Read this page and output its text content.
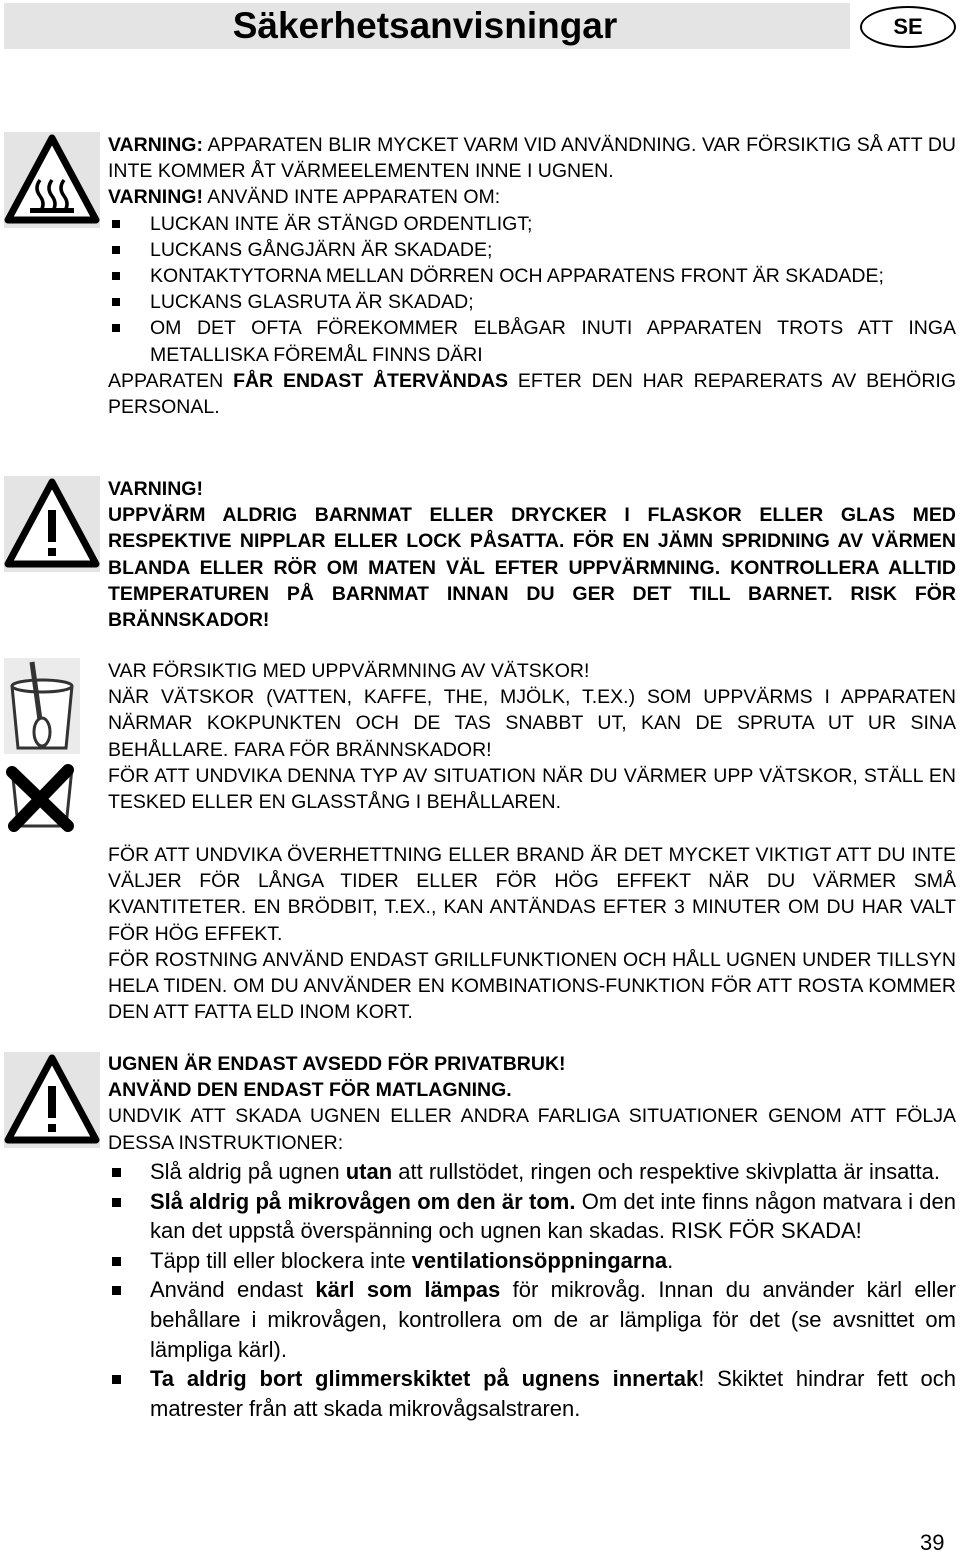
Säkerhetsanvisningar	SE

VARNING: APPARATEN BLIR MYCKET VARM VID ANVÄNDNING. VAR FÖRSIKTIG SÅ ATT DU INTE KOMMER ÅT VÄRMEELEMENTEN INNE I UGNEN.

VARNING! ANVÄND INTE APPARATEN OM:

LUCKAN INTE ÄR STÄNGD ORDENTLIGT;
LUCKANS GÅNGJÄRN ÄR SKADADE;
KONTAKTYTORNA MELLAN DÖRREN OCH APPARATENS FRONT ÄR SKADADE;
LUCKANS GLASRUTA ÄR SKADAD;
OM DET OFTA FÖREKOMMER ELBÅGAR INUTI APPARATEN TROTS ATT INGA METALLISKA FÖREMÅL FINNS DÄRI

APPARATEN FÅR ENDAST ÅTERVÄNDAS EFTER DEN HAR REPARERATS AV BEHÖRIG PERSONAL.

VARNING!

UPPVÄRM ALDRIG BARNMAT ELLER DRYCKER I FLASKOR ELLER GLAS MED RESPEKTIVE NIPPLAR ELLER LOCK PÅSATTA. FÖR EN JÄMN SPRIDNING AV VÄRMEN BLANDA ELLER RÖR OM MATEN VÄL EFTER UPPVÄRMNING. KONTROLLERA ALLTID TEMPERATUREN PÅ BARNMAT INNAN DU GER DET TILL BARNET. RISK FÖR BRÄNNSKADOR!

VAR FÖRSIKTIG MED UPPVÄRMNING AV VÄTSKOR!

NÄR VÄTSKOR (VATTEN, KAFFE, THE, MJÖLK, T.EX.) SOM UPPVÄRMS I APPARATEN NÄRMAR KOKPUNKTEN OCH DE TAS SNABBT UT, KAN DE SPRUTA UT UR SINA BEHÅLLARE. FARA FÖR BRÄNNSKADOR!

FÖR ATT UNDVIKA DENNA TYP AV SITUATION NÄR DU VÄRMER UPP VÄTSKOR, STÄLL EN TESKED ELLER EN GLASSTÅNG I BEHÅLLAREN.

FÖR ATT UNDVIKA ÖVERHETTNING ELLER BRAND ÄR DET MYCKET VIKTIGT ATT DU INTE VÄLJER FÖR LÅNGA TIDER ELLER FÖR HÖG EFFEKT NÄR DU VÄRMER SMÅ KVANTITETER. EN BRÖDBIT, T.EX., KAN ANTÄNDAS EFTER 3 MINUTER OM DU HAR VALT FÖR HÖG EFFEKT.

FÖR ROSTNING ANVÄND ENDAST GRILLFUNKTIONEN OCH HÅLL UGNEN UNDER TILLSYN HELA TIDEN. OM DU ANVÄNDER EN KOMBINATIONS-FUNKTION FÖR ATT ROSTA KOMMER DEN ATT FATTA ELD INOM KORT.

UGNEN ÄR ENDAST AVSEDD FÖR PRIVATBRUK!

ANVÄND DEN ENDAST FÖR MATLAGNING.

UNDVIK ATT SKADA UGNEN ELLER ANDRA FARLIGA SITUATIONER GENOM ATT FÖLJA DESSA INSTRUKTIONER:

Slå aldrig på ugnen utan att rullstödet, ringen och respektive skivplatta är insatta.
Slå aldrig på mikrovågen om den är tom. Om det inte finns någon matvara i den kan det uppstå överspänning och ugnen kan skadas. RISK FÖR SKADA!
Täpp till eller blockera inte ventilationsöppningarna.
Använd endast kärl som lämpas för mikrovåg. Innan du använder kärl eller behållare i mikrovågen, kontrollera om de ar lämpliga för det (se avsnittet om lämpliga kärl).
Ta aldrig bort glimmerskiktet på ugnens innertak! Skiktet hindrar fett och matrester från att skada mikrovågsalstraren.
39
